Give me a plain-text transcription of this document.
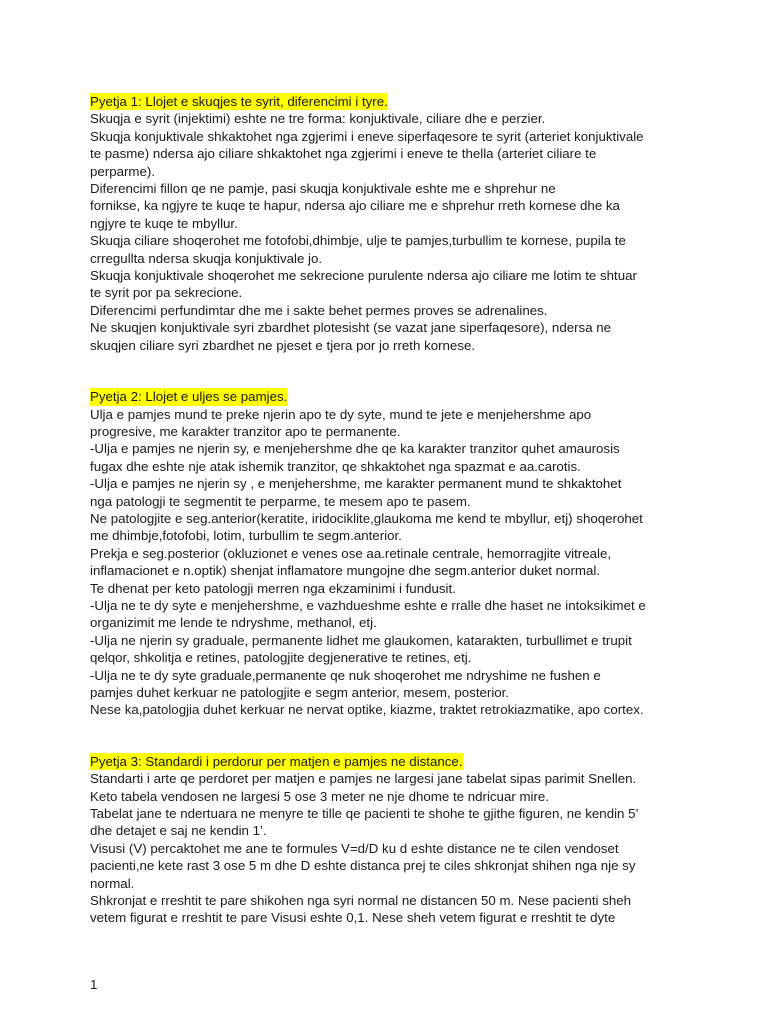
Pyetja 1: Llojet e skuqjes te syrit, diferencimi i tyre.
Skuqja e syrit (injektimi) eshte ne tre forma: konjuktivale, ciliare dhe e perzier.
Skuqja konjuktivale shkaktohet nga zgjerimi i eneve siperfaqesore te syrit (arteriet konjuktivale
te pasme) ndersa ajo ciliare shkaktohet nga zgjerimi i eneve te thella (arteriet ciliare te
perparme).
Diferencimi fillon qe ne pamje, pasi skuqja konjuktivale eshte me e shprehur ne
fornikse, ka ngjyre te kuqe te hapur, ndersa ajo ciliare me e shprehur rreth kornese dhe ka
ngjyre te kuqe te mbyllur.
Skuqja ciliare shoqerohet me fotofobi,dhimbje, ulje te pamjes,turbullim te kornese, pupila te
crregullta ndersa skuqja konjuktivale jo.
Skuqja konjuktivale shoqerohet me sekrecione purulente ndersa ajo ciliare me lotim te shtuar
te syrit por pa sekrecione.
Diferencimi perfundimtar dhe me i sakte behet permes proves se adrenalines.
Ne skuqjen konjuktivale syri zbardhet plotesisht (se vazat jane siperfaqesore), ndersa ne
skuqjen ciliare syri zbardhet ne pjeset e tjera por jo rreth kornese.
Pyetja 2: Llojet e uljes se pamjes.
Ulja e pamjes mund te preke njerin apo te dy syte, mund te jete e menjehershme apo
progresive, me karakter tranzitor apo te permanente.
-Ulja e pamjes ne njerin sy, e menjehershme dhe qe ka karakter tranzitor quhet amaurosis
fugax dhe eshte nje atak ishemik tranzitor, qe shkaktohet nga spazmat e aa.carotis.
-Ulja e pamjes ne njerin sy , e menjehershme, me karakter permanent mund te shkaktohet
nga patologji te segmentit te perparme, te mesem apo te pasem.
Ne patologjite e seg.anterior(keratite, iridociklite,glaukoma me kend te mbyllur, etj) shoqerohet
me dhimbje,fotofobi, lotim, turbullim te segm.anterior.
Prekja e seg.posterior (okluzionet e venes ose aa.retinale centrale, hemorragjite vitreale,
inflamacionet e n.optik) shenjat inflamatore mungojne dhe segm.anterior duket normal.
Te dhenat per keto patologji merren nga ekzaminimi i fundusit.
-Ulja ne te dy syte e menjehershme, e vazhdueshme eshte e rralle dhe haset ne intoksikimet e
organizimit me lende te ndryshme, methanol, etj.
-Ulja ne njerin sy graduale, permanente lidhet me glaukomen, katarakten, turbullimet e trupit
qelqor, shkolitja e retines, patologjite degjenerative te retines, etj.
-Ulja ne te dy syte graduale,permanente qe nuk shoqerohet me ndryshime ne fushen e
pamjes duhet kerkuar ne patologjite e segm anterior, mesem, posterior.
Nese ka,patologjia duhet kerkuar ne nervat optike, kiazme, traktet retrokiazmatike, apo cortex.
Pyetja 3: Standardi i perdorur per matjen e pamjes ne distance.
Standarti i arte qe perdoret per matjen e pamjes ne largesi jane tabelat sipas parimit Snellen.
Keto tabela vendosen ne largesi 5 ose 3 meter ne nje dhome te ndricuar mire.
Tabelat jane te ndertuara ne menyre te tille qe pacienti te shohe te gjithe figuren, ne kendin 5’
dhe detajet e saj ne kendin 1’.
Visusi (V) percaktohet me ane te formules V=d/D ku d eshte distance ne te cilen vendoset
pacienti,ne kete rast 3 ose 5 m dhe D eshte distanca prej te ciles shkronjat shihen nga nje sy
normal.
Shkronjat e rreshtit te pare shikohen nga syri normal ne distancen 50 m. Nese pacienti sheh
vetem figurat e rreshtit te pare Visusi eshte 0,1. Nese sheh vetem figurat e rreshtit te dyte
1
